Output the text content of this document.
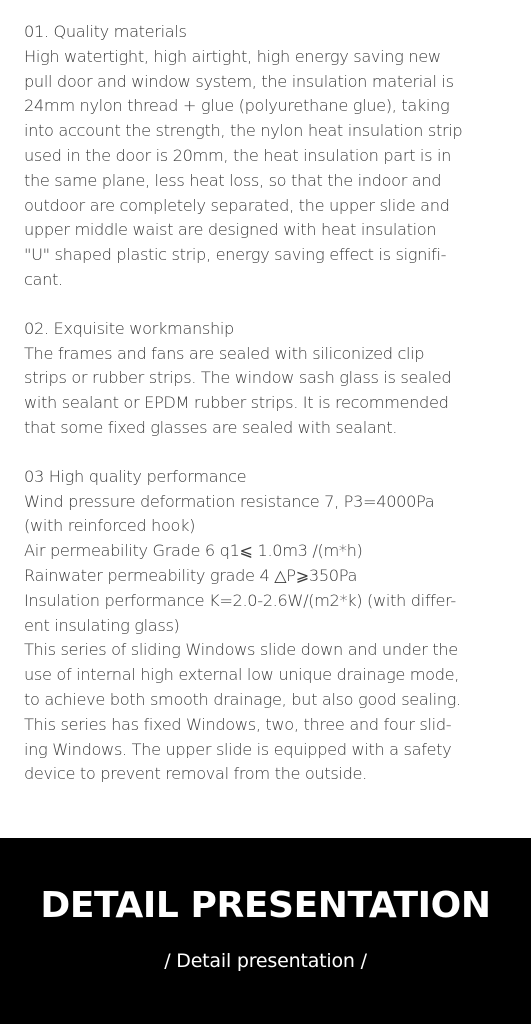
01. Quality materials
High watertight, high airtight, high energy saving new
pull door and window system, the insulation material is
24mm nylon thread + glue (polyurethane glue), taking
into account the strength, the nylon heat insulation strip
used in the door is 20mm, the heat insulation part is in
the same plane, less heat loss, so that the indoor and
outdoor are completely separated, the upper slide and
upper middle waist are designed with heat insulation
"U" shaped plastic strip, energy saving effect is signifi-
cant.
02. Exquisite workmanship
The frames and fans are sealed with siliconized clip
strips or rubber strips. The window sash glass is sealed
with sealant or EPDM rubber strips. It is recommended
that some fixed glasses are sealed with sealant.
03 High quality performance
Wind pressure deformation resistance 7, P3=4000Pa
(with reinforced hook)
Air permeability Grade 6 q1⩽ 1.0m3 /(m*h)
Rainwater permeability grade 4 △P⩾350Pa
Insulation performance K=2.0-2.6W/(m2*k) (with differ-
ent insulating glass)
This series of sliding Windows slide down and under the
use of internal high external low unique drainage mode,
to achieve both smooth drainage, but also good sealing.
This series has fixed Windows, two, three and four slid-
ing Windows. The upper slide is equipped with a safety
device to prevent removal from the outside.
DETAIL PRESENTATION
/ Detail presentation /
